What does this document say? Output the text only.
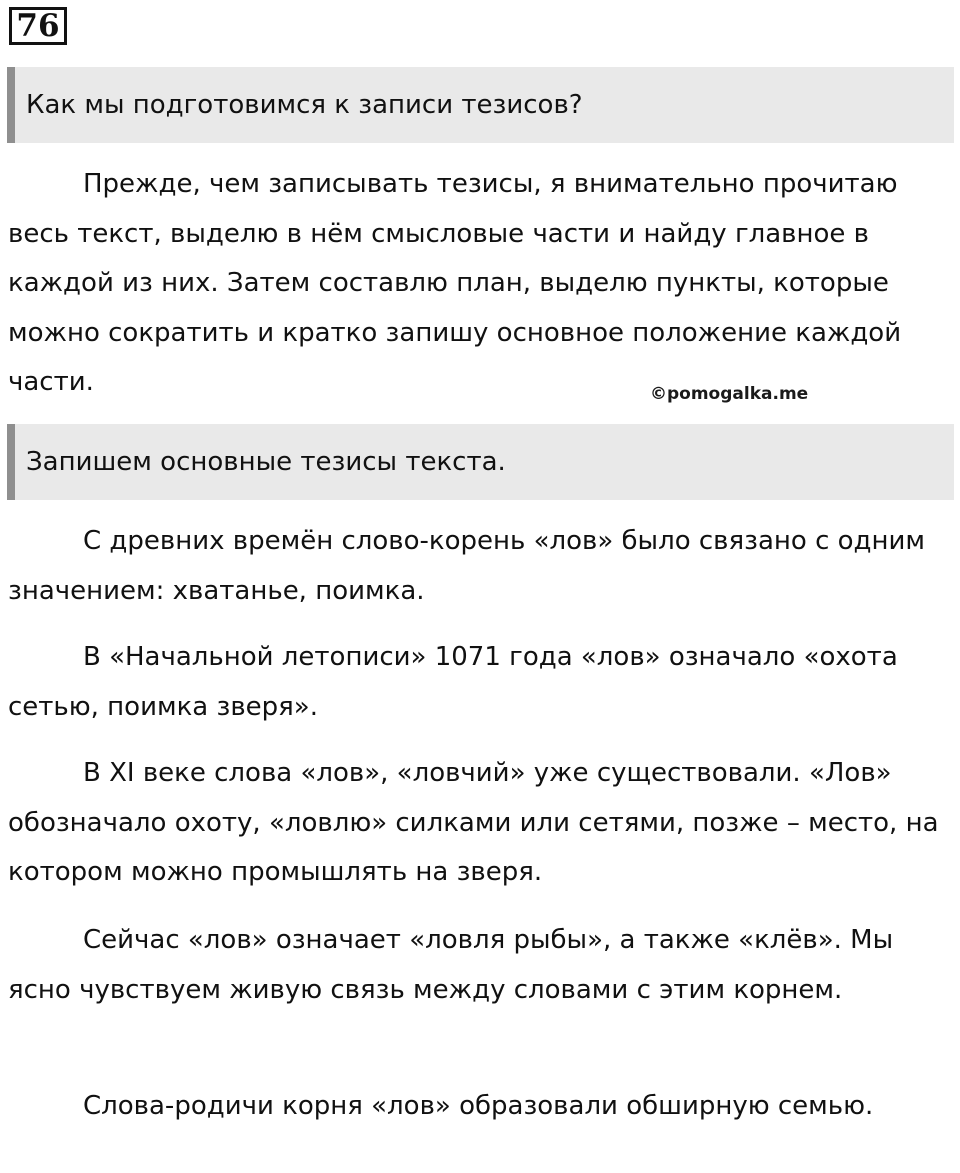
76
Как мы подготовимся к записи тезисов?

Прежде, чем записывать тезисы, я внимательно прочитаю весь текст, выделю в нём смысловые части и найду главное в каждой из них. Затем составлю план, выделю пункты, которые можно сократить и кратко запишу основное положение каждой части.	©pomogalka.me
Запишем основные тезисы текста.

С древних времён слово-корень «лов» было связано с одним значением: хватанье, поимка.

В «Начальной летописи» 1071 года «лов» означало «охота сетью, поимка зверя».

В XI веке слова «лов», «ловчий» уже существовали. «Лов» обозначало охоту, «ловлю» силками или сетями, позже – место, на котором можно промышлять на зверя.

Сейчас «лов» означает «ловля рыбы», а также «клёв». Мы ясно чувствуем живую связь между словами с этим корнем.

Слова-родичи корня «лов» образовали обширную семью.
